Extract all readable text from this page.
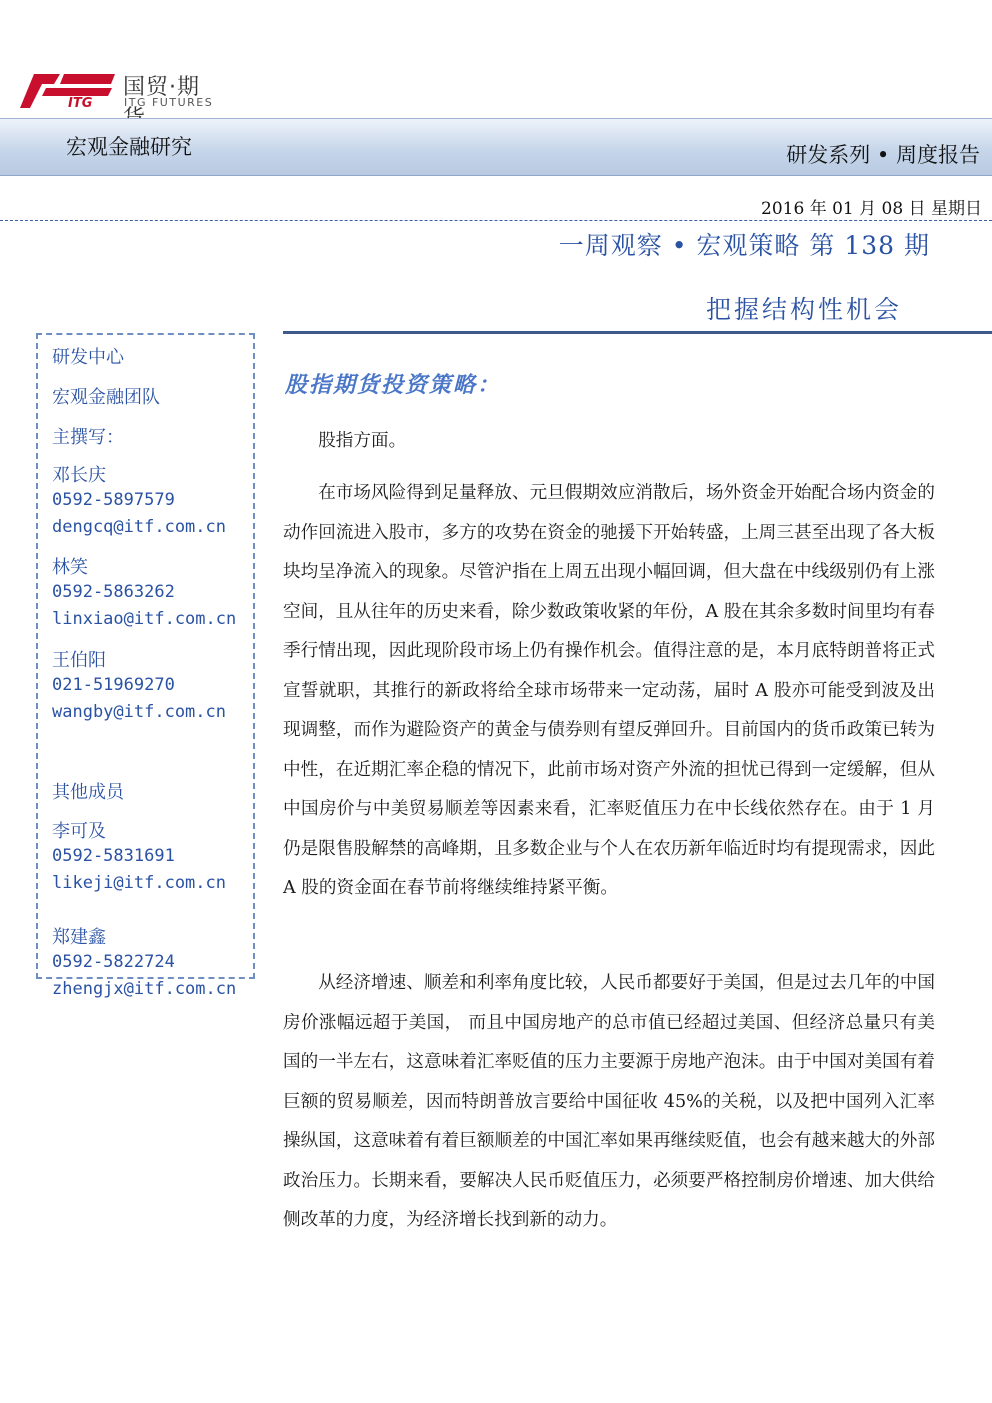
ITG
国贸·期
ITG FUTURES
宏观金融研究	研发系列 • 周度报告
2016 年 01 月 08 日 星期日
一周观察 • 宏观策略 第 138 期
把握结构性机会
研发中心
宏观金融团队
主撰写：
邓长庆
0592-5897579
dengcq@itf.com.cn
林笑
0592-5863262
linxiao@itf.com.cn
王伯阳
021-51969270
wangby@itf.com.cn
其他成员
李可及
0592-5831691
likeji@itf.com.cn
郑建鑫
0592-5822724
zhengjx@itf.com.cn
股指期货投资策略：

股指方面。

在市场风险得到足量释放、元旦假期效应消散后，场外资金开始配合场内资金的动作回流进入股市，多方的攻势在资金的驰援下开始转盛，上周三甚至出现了各大板块均呈净流入的现象。尽管沪指在上周五出现小幅回调，但大盘在中线级别仍有上涨空间，且从往年的历史来看，除少数政策收紧的年份，A 股在其余多数时间里均有春季行情出现，因此现阶段市场上仍有操作机会。值得注意的是，本月底特朗普将正式宣誓就职，其推行的新政将给全球市场带来一定动荡，届时 A 股亦可能受到波及出现调整，而作为避险资产的黄金与债券则有望反弹回升。目前国内的货币政策已转为中性，在近期汇率企稳的情况下，此前市场对资产外流的担忧已得到一定缓解，但从中国房价与中美贸易顺差等因素来看，汇率贬值压力在中长线依然存在。由于 1 月仍是限售股解禁的高峰期，且多数企业与个人在农历新年临近时均有提现需求，因此 A 股的资金面在春节前将继续维持紧平衡。

从经济增速、顺差和利率角度比较，人民币都要好于美国，但是过去几年的中国房价涨幅远超于美国， 而且中国房地产的总市值已经超过美国、但经济总量只有美国的一半左右，这意味着汇率贬值的压力主要源于房地产泡沫。由于中国对美国有着巨额的贸易顺差，因而特朗普放言要给中国征收 45%的关税，以及把中国列入汇率操纵国，这意味着有着巨额顺差的中国汇率如果再继续贬值，也会有越来越大的外部政治压力。长期来看，要解决人民币贬值压力，必须要严格控制房价增速、加大供给侧改革的力度，为经济增长找到新的动力。
